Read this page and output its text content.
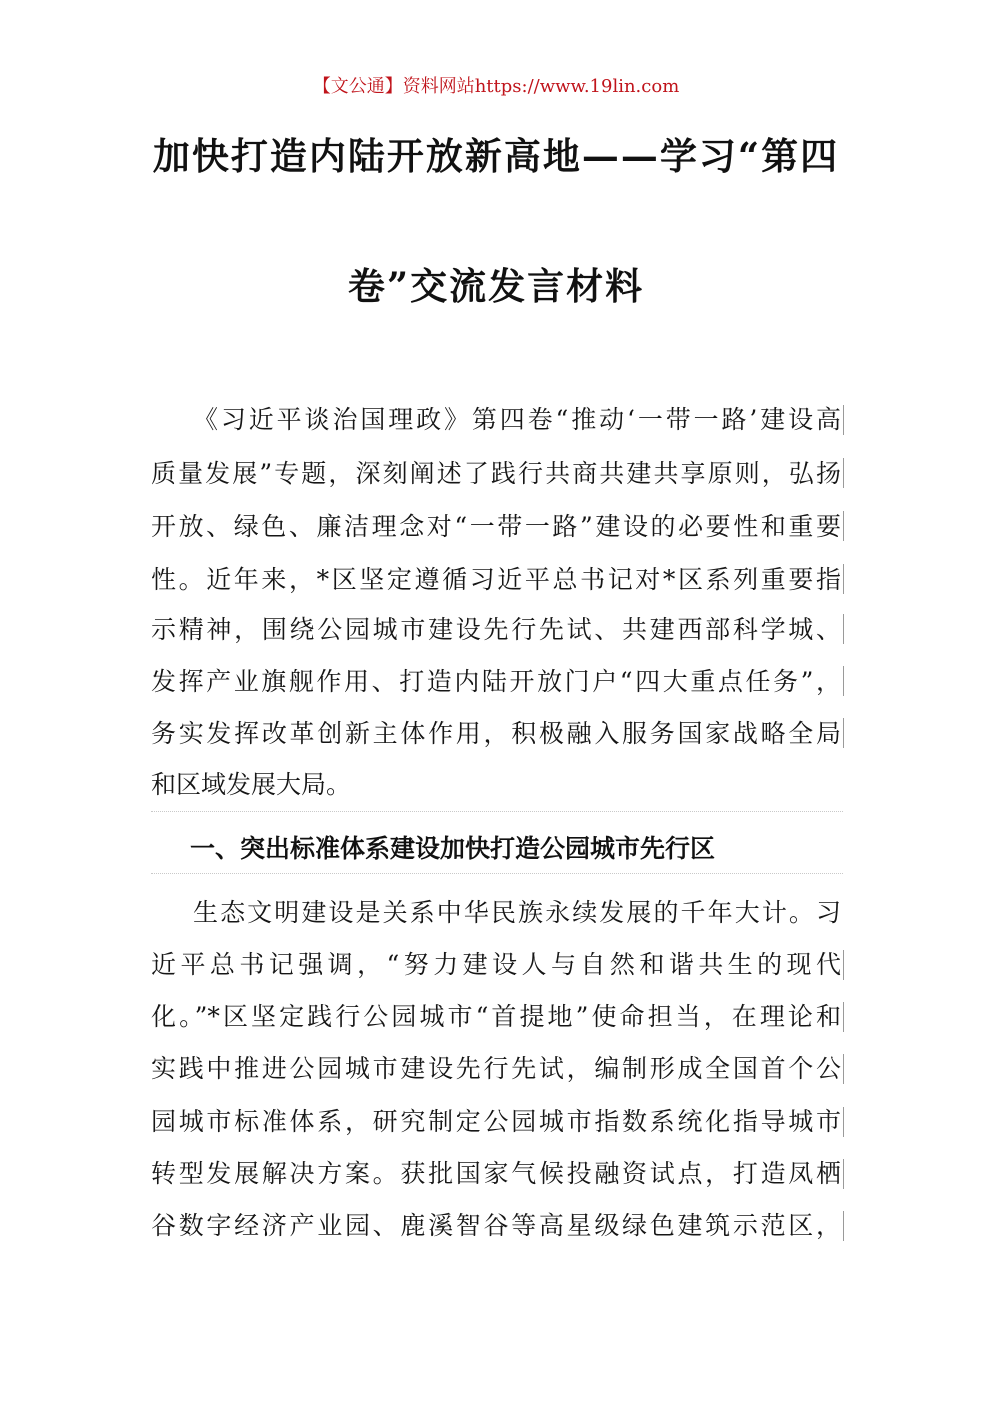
【文公通】资料网站https://www.19lin.com
加快打造内陆开放新高地——学习“第四
卷”交流发言材料
《习近平谈治国理政》第四卷“推动‘一带一路’建设高
质量发展”专题，深刻阐述了践行共商共建共享原则，弘扬
开放、绿色、廉洁理念对“一带一路”建设的必要性和重要
性。近年来，*区坚定遵循习近平总书记对*区系列重要指
示精神，围绕公园城市建设先行先试、共建西部科学城、
发挥产业旗舰作用、打造内陆开放门户“四大重点任务”，
务实发挥改革创新主体作用，积极融入服务国家战略全局
和区域发展大局。
一、突出标准体系建设加快打造公园城市先行区
生态文明建设是关系中华民族永续发展的千年大计。习
近平总书记强调，“努力建设人与自然和谐共生的现代
化。”*区坚定践行公园城市“首提地”使命担当，在理论和
实践中推进公园城市建设先行先试，编制形成全国首个公
园城市标准体系，研究制定公园城市指数系统化指导城市
转型发展解决方案。获批国家气候投融资试点，打造凤栖
谷数字经济产业园、鹿溪智谷等高星级绿色建筑示范区，
